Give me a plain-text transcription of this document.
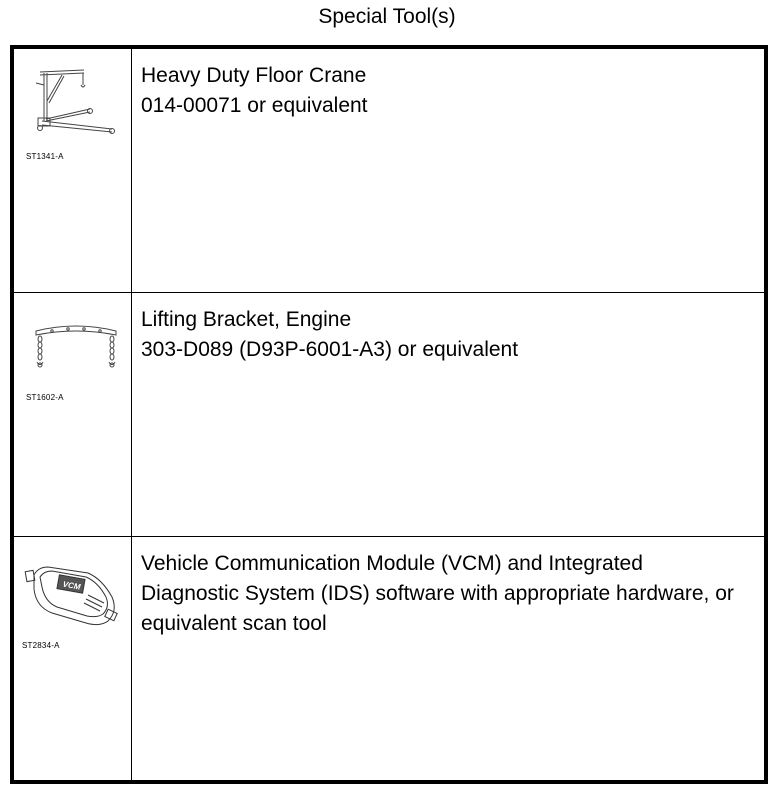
Special Tool(s)
ST1341-A
Heavy Duty Floor Crane
014-00071 or equivalent
ST1602-A
Lifting Bracket, Engine
303-D089 (D93P-6001-A3) or equivalent
VCM
ST2834-A
Vehicle Communication Module (VCM) and Integrated Diagnostic System (IDS) software with appropriate hardware, or equivalent scan tool
